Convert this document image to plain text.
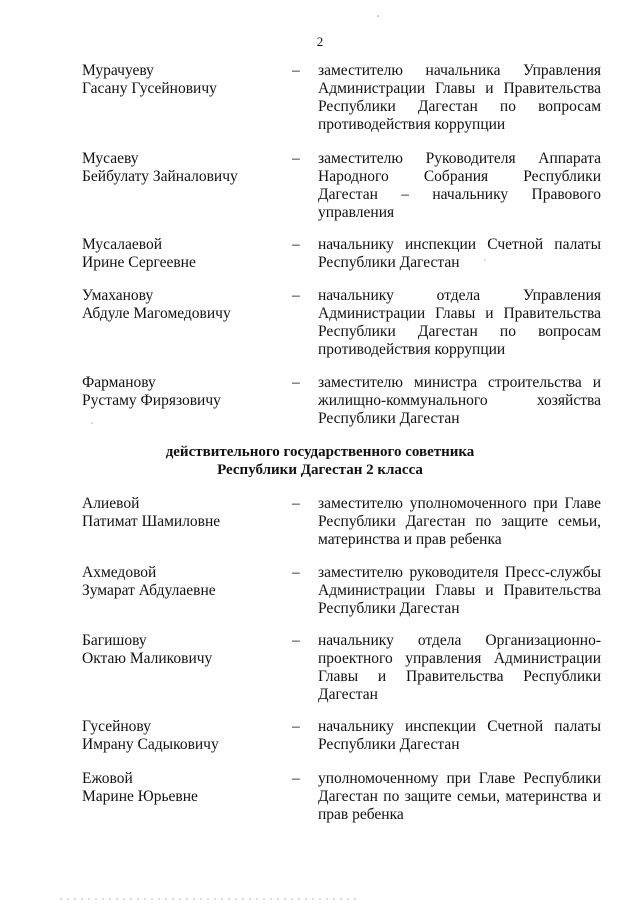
2
Мурачуеву
Гасану Гусейновичу
– заместителю начальника Управления Администрации Главы и Правительства Республики Дагестан по вопросам противодействия коррупции
Мусаеву
Бейбулату Зайналовичу
– заместителю Руководителя Аппарата Народного Собрания Республики Дагестан – начальнику Правового управления
Мусалаевой
Ирине Сергеевне
– начальнику инспекции Счетной палаты Республики Дагестан
Умаханову
Абдуле Магомедовичу
– начальнику отдела Управления Администрации Главы и Правительства Республики Дагестан по вопросам противодействия коррупции
Фарманову
Рустаму Фирязовичу
– заместителю министра строительства и жилищно-коммунального хозяйства Республики Дагестан
действительного государственного советника
Республики Дагестан 2 класса
Алиевой
Патимат Шамиловне
– заместителю уполномоченного при Главе Республики Дагестан по защите семьи, материнства и прав ребенка
Ахмедовой
Зумарат Абдулаевне
– заместителю руководителя Пресс-службы Администрации Главы и Правительства Республики Дагестан
Багишову
Октаю Маликовичу
– начальнику отдела Организационно-проектного управления Администрации Главы и Правительства Республики Дагестан
Гусейнову
Имрану Садыковичу
– начальнику инспекции Счетной палаты Республики Дагестан
Ежовой
Марине Юрьевне
– уполномоченному при Главе Республики Дагестан по защите семьи, материнства и прав ребенка
